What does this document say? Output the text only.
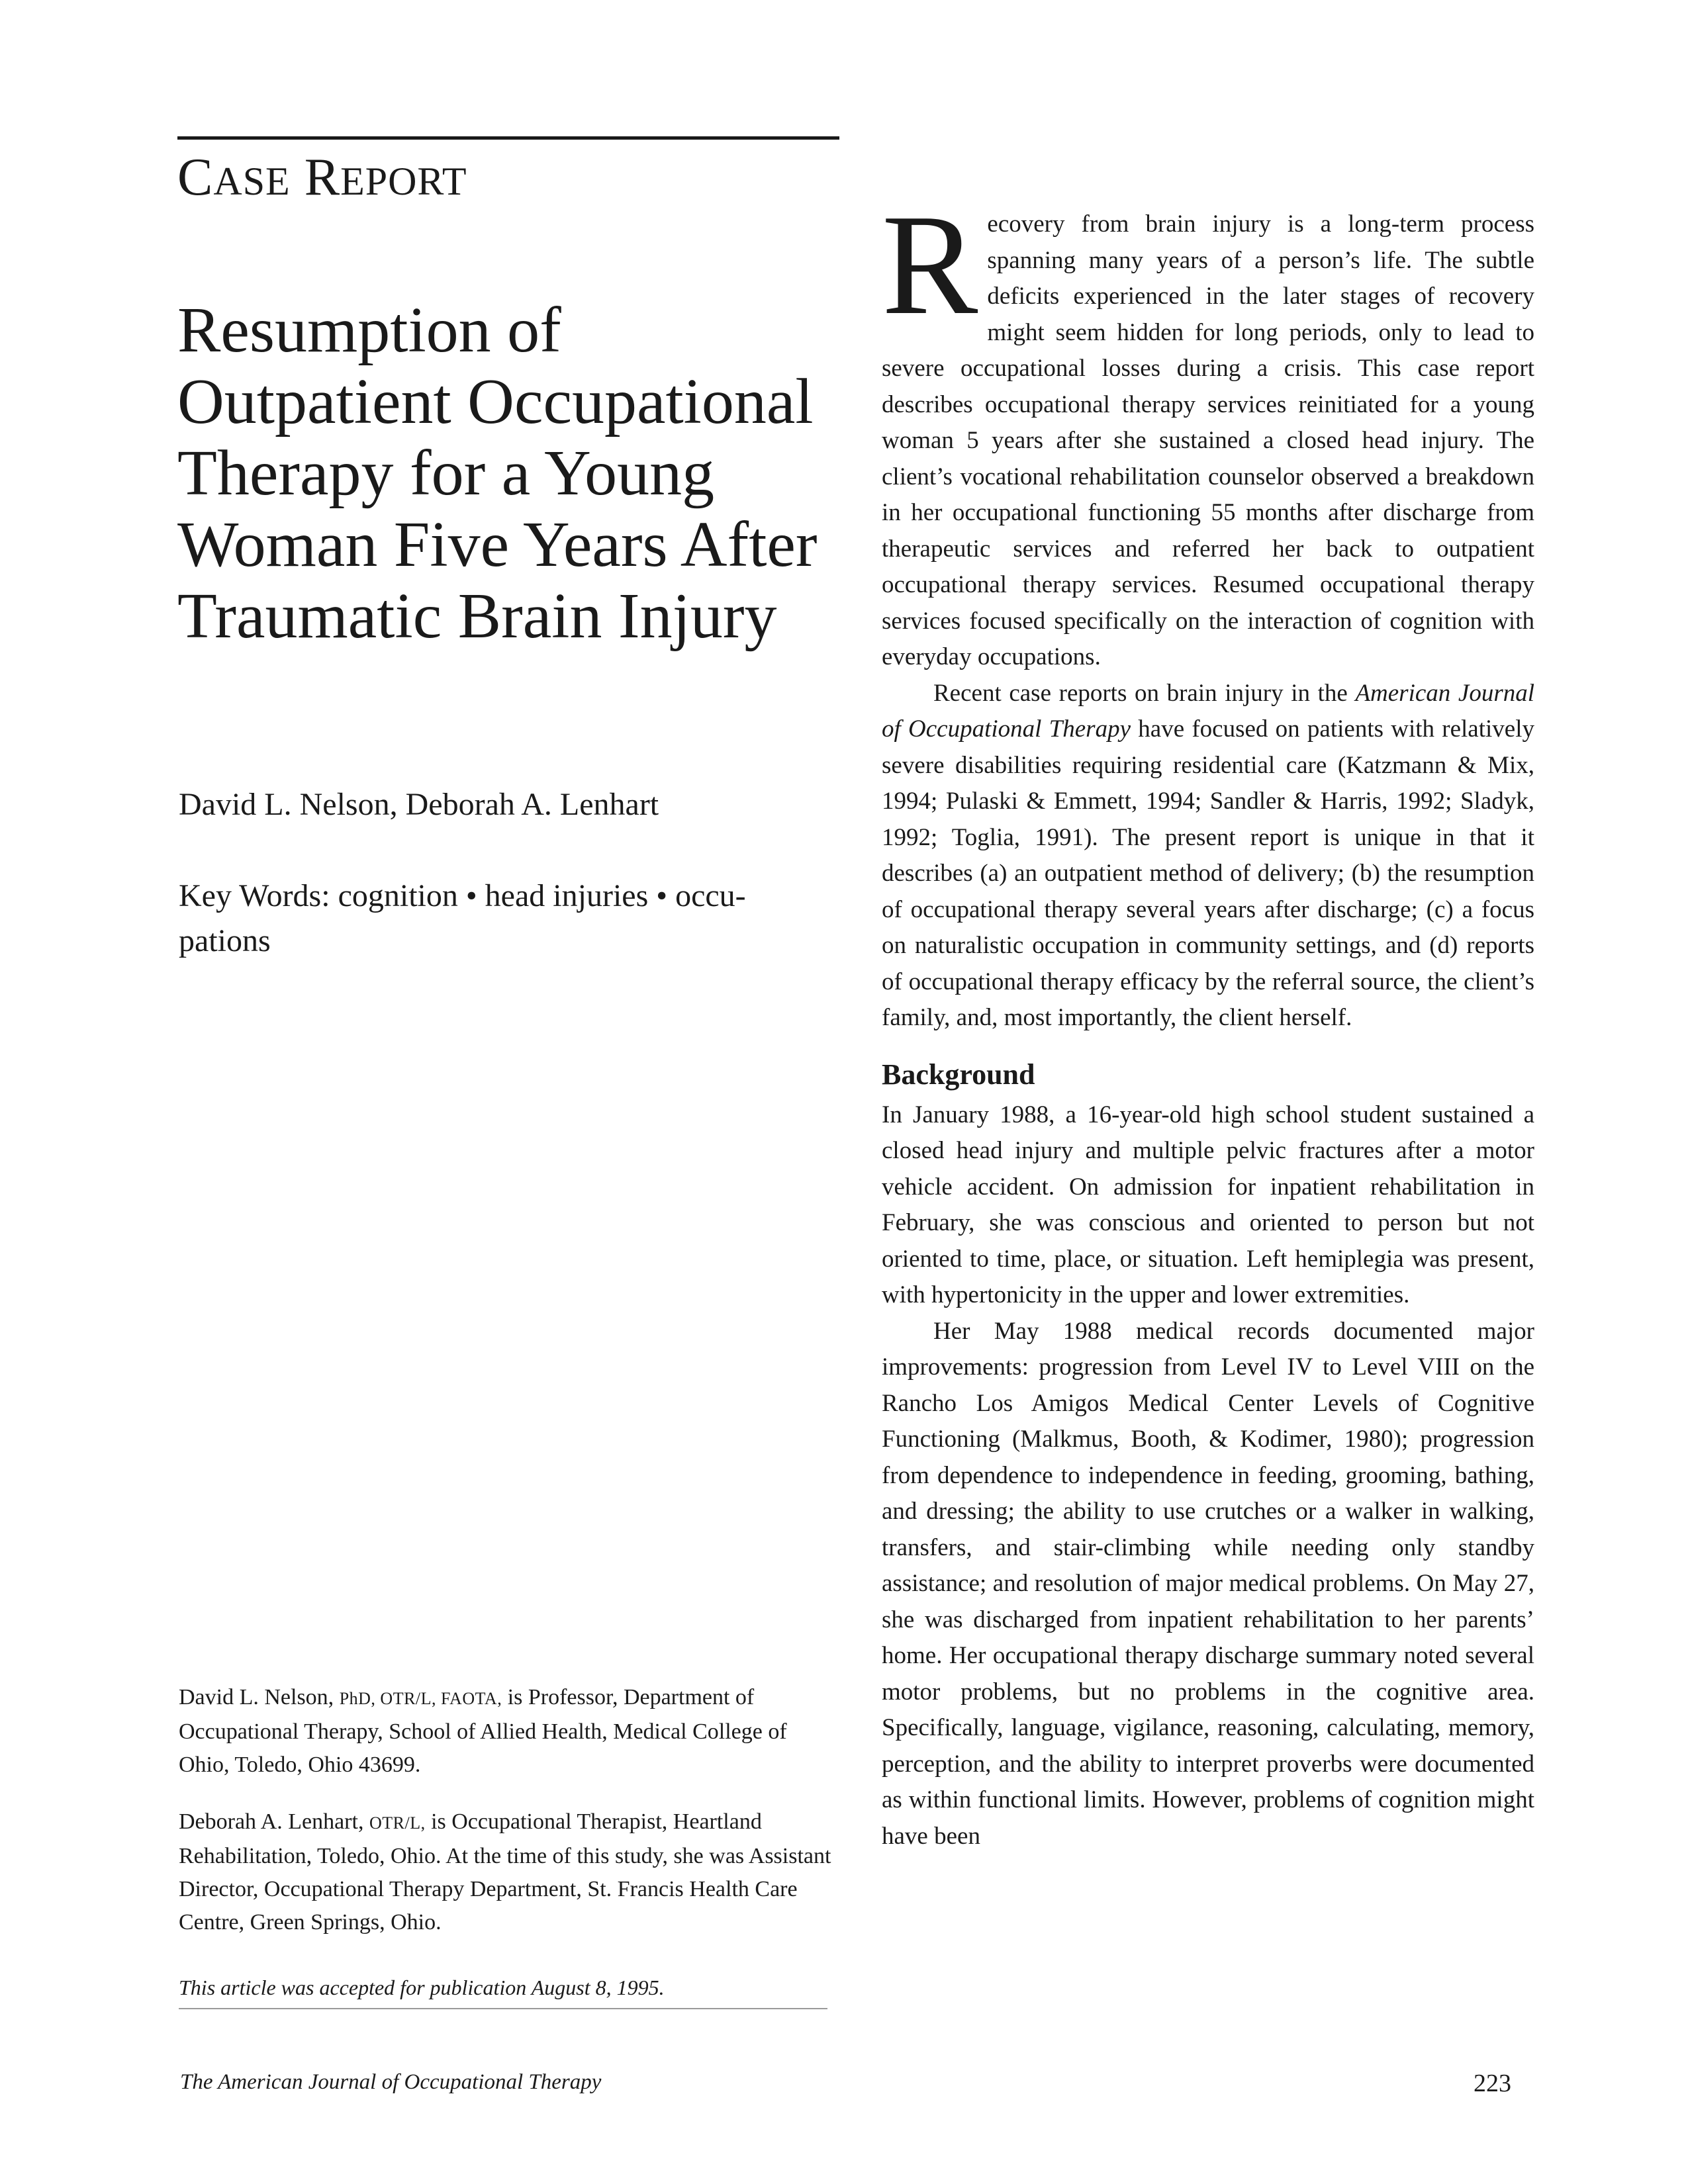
CASE REPORT
Resumption of Outpatient Occupational Therapy for a Young Woman Five Years After Traumatic Brain Injury
David L. Nelson, Deborah A. Lenhart
Key Words: cognition • head injuries • occu-pations
David L. Nelson, PhD, OTR/L, FAOTA, is Professor, Department of Occupational Therapy, School of Allied Health, Medical College of Ohio, Toledo, Ohio 43699.
Deborah A. Lenhart, OTR/L, is Occupational Therapist, Heartland Rehabilitation, Toledo, Ohio. At the time of this study, she was Assistant Director, Occupational Therapy Department, St. Francis Health Care Centre, Green Springs, Ohio.
This article was accepted for publication August 8, 1995.

Recovery from brain injury is a long-term process spanning many years of a person’s life. The subtle deficits experienced in the later stages of recovery might seem hidden for long periods, only to lead to severe occupational losses during a crisis. This case report describes occupational therapy services reinitiated for a young woman 5 years after she sustained a closed head injury. The client’s vocational rehabilitation counselor observed a breakdown in her occupational functioning 55 months after discharge from therapeutic services and referred her back to outpatient occupational therapy services. Resumed occupational therapy services focused specifically on the interaction of cognition with everyday occupations.

Recent case reports on brain injury in the American Journal of Occupational Therapy have focused on patients with relatively severe disabilities requiring residential care (Katzmann & Mix, 1994; Pulaski & Emmett, 1994; Sandler & Harris, 1992; Sladyk, 1992; Toglia, 1991). The present report is unique in that it describes (a) an outpatient method of delivery; (b) the resumption of occupational therapy several years after discharge; (c) a focus on naturalistic occupation in community settings, and (d) reports of occupational therapy efficacy by the referral source, the client’s family, and, most importantly, the client herself.

Background

In January 1988, a 16-year-old high school student sustained a closed head injury and multiple pelvic fractures after a motor vehicle accident. On admission for inpatient rehabilitation in February, she was conscious and oriented to person but not oriented to time, place, or situation. Left hemiplegia was present, with hypertonicity in the upper and lower extremities.

Her May 1988 medical records documented major improvements: progression from Level IV to Level VIII on the Rancho Los Amigos Medical Center Levels of Cognitive Functioning (Malkmus, Booth, & Kodimer, 1980); progression from dependence to independence in feeding, grooming, bathing, and dressing; the ability to use crutches or a walker in walking, transfers, and stair-climbing while needing only standby assistance; and resolution of major medical problems. On May 27, she was discharged from inpatient rehabilitation to her parents’ home. Her occupational therapy discharge summary noted several motor problems, but no problems in the cognitive area. Specifically, language, vigilance, reasoning, calculating, memory, perception, and the ability to interpret proverbs were documented as within functional limits. However, problems of cognition might have been

The American Journal of Occupational Therapy	223
